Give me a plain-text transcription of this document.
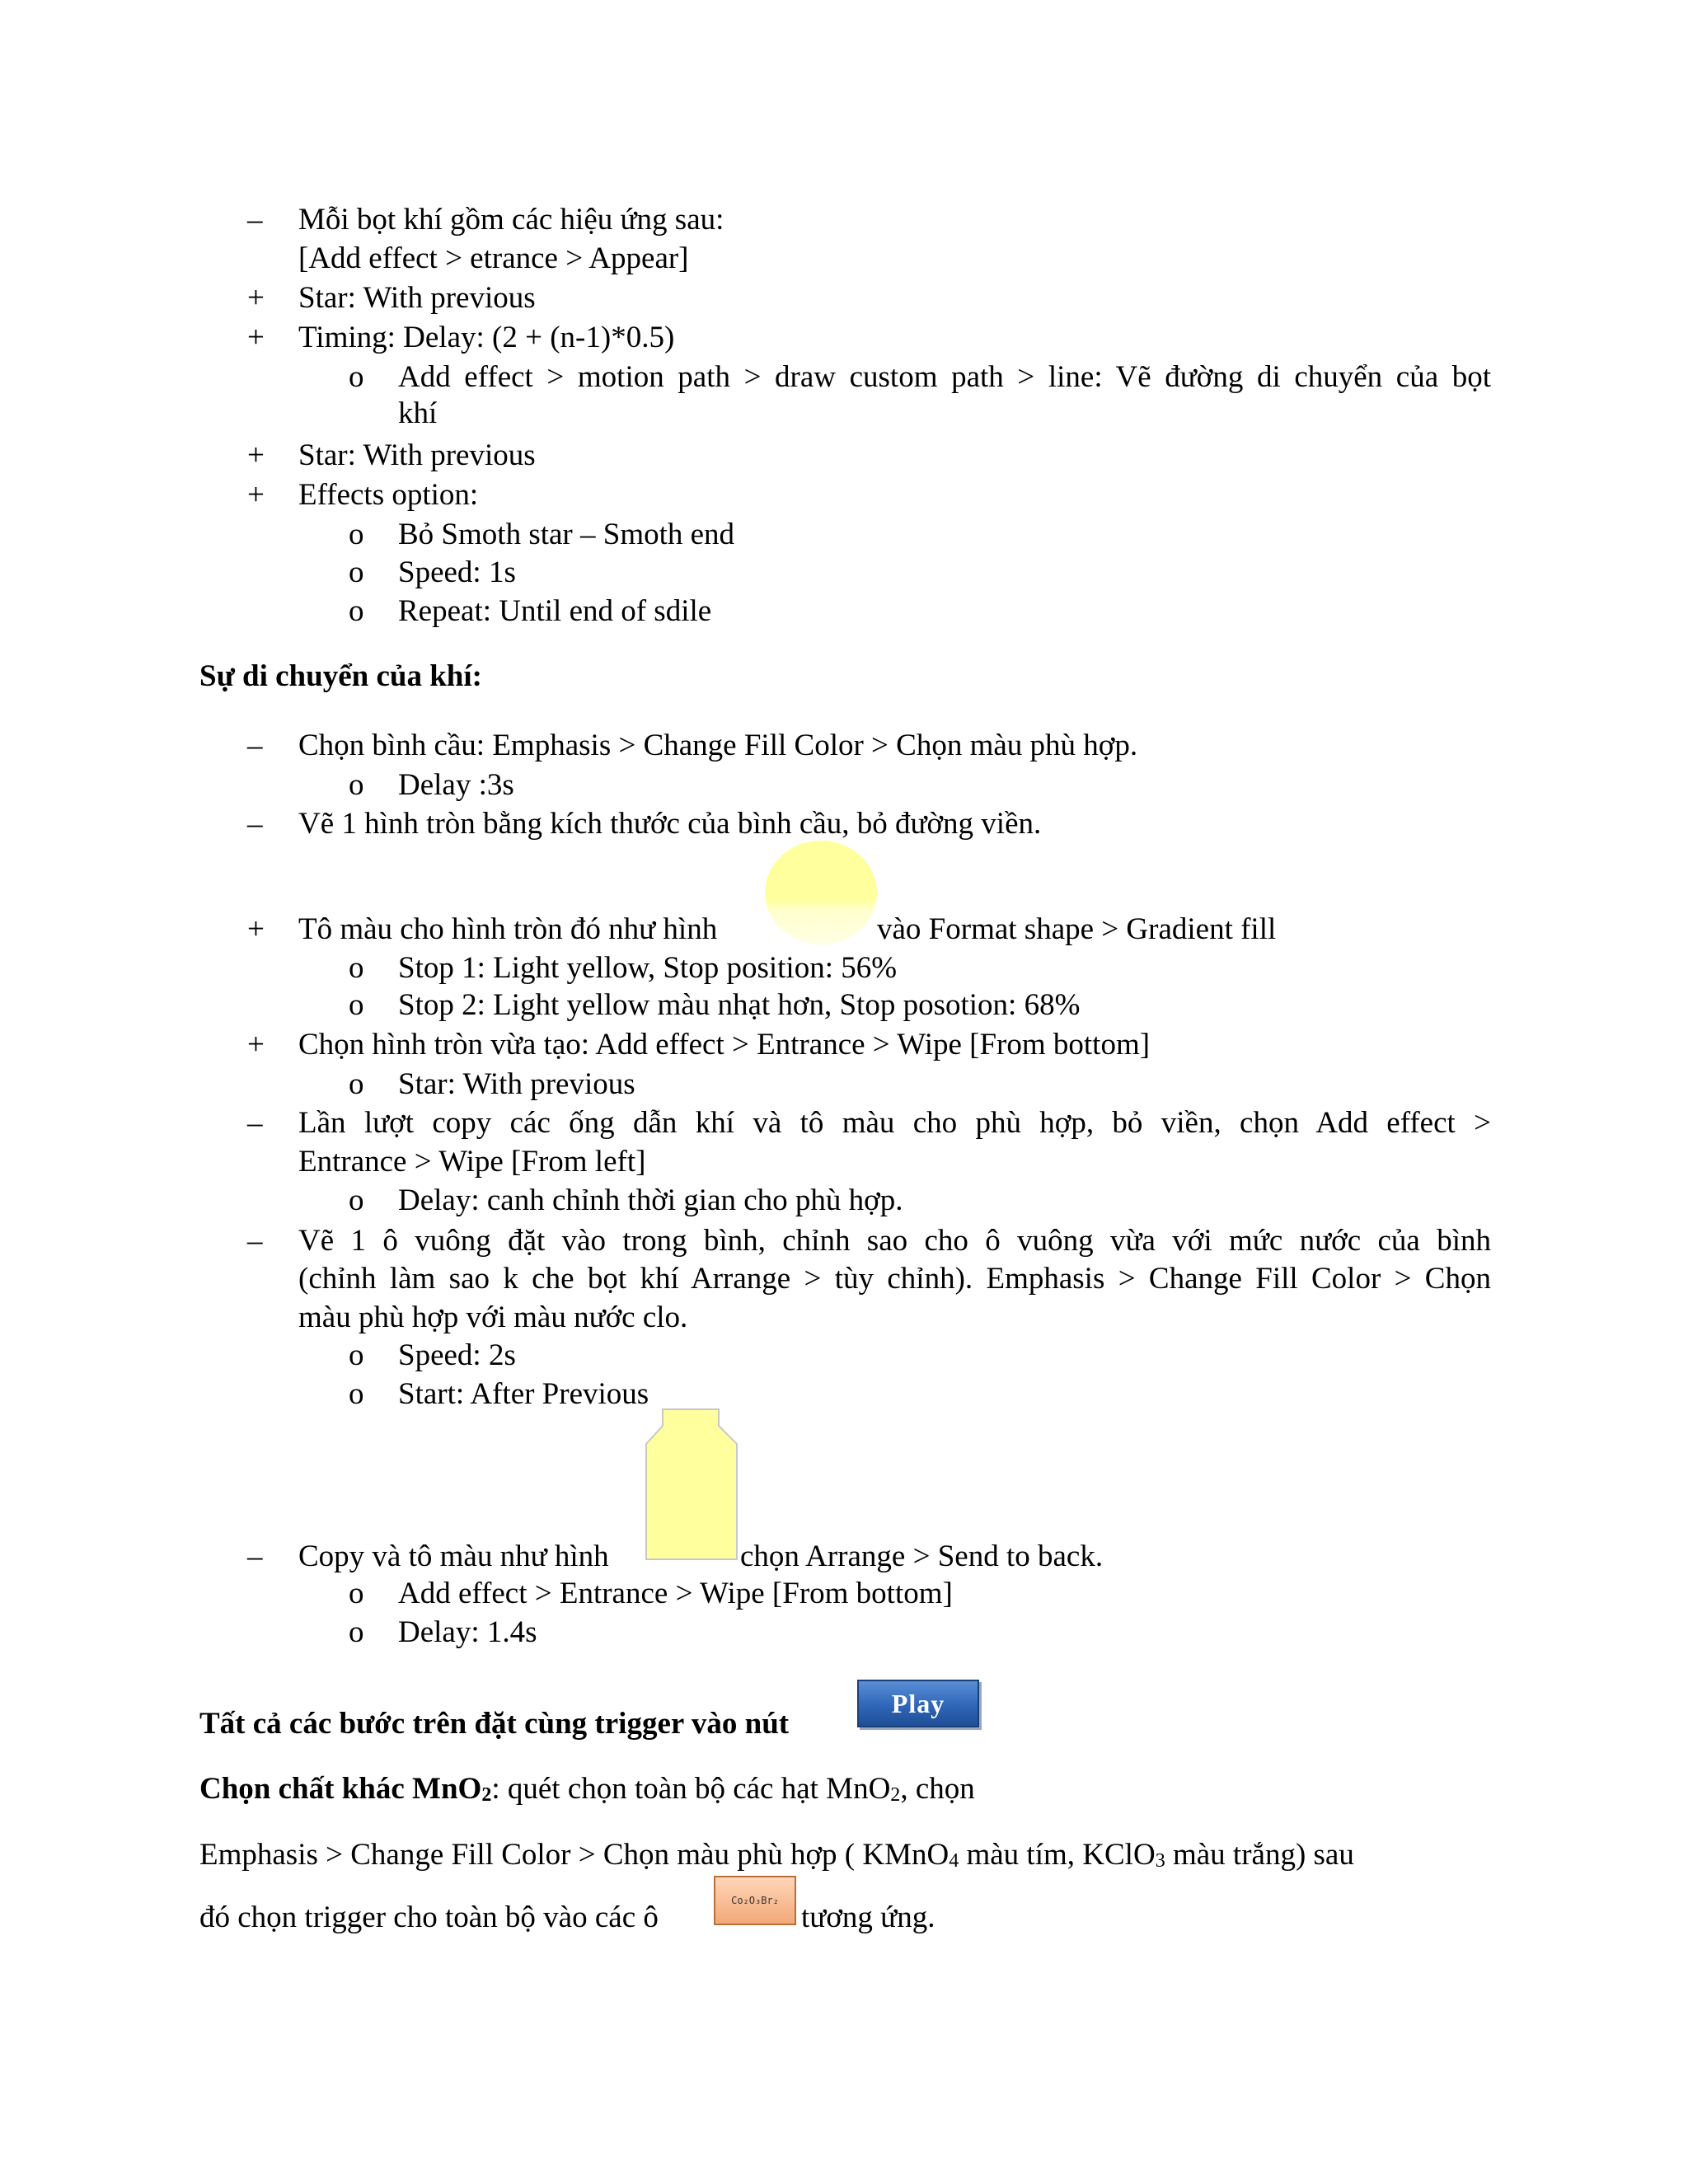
– Mỗi bọt khí gồm các hiệu ứng sau:
[Add effect > etrance > Appear]
+ Star: With previous
+ Timing: Delay: (2 + (n-1)*0.5)
o Add effect > motion path > draw custom path > line: Vẽ đường di chuyển của bọt
khí
+ Star: With previous
+ Effects option:
o Bỏ Smoth star – Smoth end
o Speed: 1s
o Repeat: Until end of sdile
Sự di chuyển của khí:
– Chọn bình cầu: Emphasis > Change Fill Color > Chọn màu phù hợp.
o Delay :3s
– Vẽ 1 hình tròn bằng kích thước của bình cầu, bỏ đường viền.
+ Tô màu cho hình tròn đó như hình	vào Format shape > Gradient fill
o Stop 1: Light yellow, Stop position: 56%
o Stop 2: Light yellow màu nhạt hơn, Stop posotion: 68%
+ Chọn hình tròn vừa tạo: Add effect > Entrance > Wipe [From bottom]
o Star: With previous
– Lần lượt copy các ống dẫn khí và tô màu cho phù hợp, bỏ viền, chọn Add effect >
Entrance > Wipe [From left]
o Delay: canh chỉnh thời gian cho phù hợp.
– Vẽ 1 ô vuông đặt vào trong bình, chỉnh sao cho ô vuông vừa với mức nước của bình
(chỉnh làm sao k che bọt khí Arrange > tùy chỉnh). Emphasis > Change Fill Color > Chọn
màu phù hợp với màu nước clo.
o Speed: 2s
o Start: After Previous
– Copy và tô màu như hình	chọn Arrange > Send to back.
o Add effect > Entrance > Wipe [From bottom]
o Delay: 1.4s
Tất cả các bước trên đặt cùng trigger vào nút
Play
Chọn chất khác MnO$_2$: quét chọn toàn bộ các hạt MnO$_2$, chọn
Emphasis > Change Fill Color > Chọn màu phù hợp ( KMnO$_4$ màu tím, KClO$_3$ màu trắng) sau
đó chọn trigger cho toàn bộ vào các ô	Co₂O₃Br₂ tương ứng.
